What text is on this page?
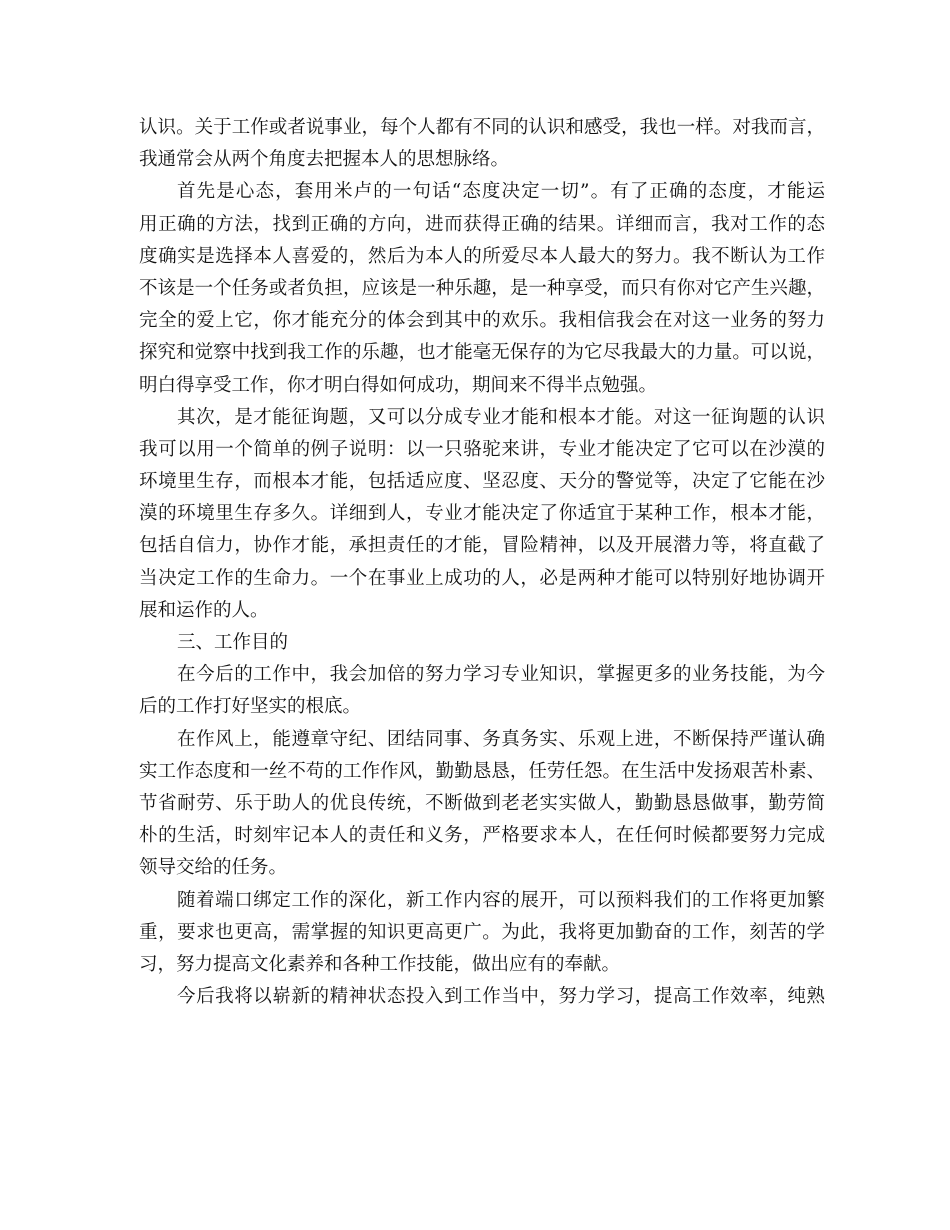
认识。关于工作或者说事业，每个人都有不同的认识和感受，我也一样。对我而言，
我通常会从两个角度去把握本人的思想脉络。
首先是心态，套用米卢的一句话“态度决定一切”。有了正确的态度，才能运
用正确的方法，找到正确的方向，进而获得正确的结果。详细而言，我对工作的态
度确实是选择本人喜爱的，然后为本人的所爱尽本人最大的努力。我不断认为工作
不该是一个任务或者负担，应该是一种乐趣，是一种享受，而只有你对它产生兴趣，
完全的爱上它，你才能充分的体会到其中的欢乐。我相信我会在对这一业务的努力
探究和觉察中找到我工作的乐趣，也才能毫无保存的为它尽我最大的力量。可以说，
明白得享受工作，你才明白得如何成功，期间来不得半点勉强。
其次，是才能征询题，又可以分成专业才能和根本才能。对这一征询题的认识
我可以用一个简单的例子说明：以一只骆驼来讲，专业才能决定了它可以在沙漠的
环境里生存，而根本才能，包括适应度、坚忍度、天分的警觉等，决定了它能在沙
漠的环境里生存多久。详细到人，专业才能决定了你适宜于某种工作，根本才能，
包括自信力，协作才能，承担责任的才能，冒险精神，以及开展潜力等，将直截了
当决定工作的生命力。一个在事业上成功的人，必是两种才能可以特别好地协调开
展和运作的人。
三、工作目的
在今后的工作中，我会加倍的努力学习专业知识，掌握更多的业务技能，为今
后的工作打好坚实的根底。
在作风上，能遵章守纪、团结同事、务真务实、乐观上进，不断保持严谨认确
实工作态度和一丝不苟的工作作风，勤勤恳恳，任劳任怨。在生活中发扬艰苦朴素、
节省耐劳、乐于助人的优良传统，不断做到老老实实做人，勤勤恳恳做事，勤劳简
朴的生活，时刻牢记本人的责任和义务，严格要求本人，在任何时候都要努力完成
领导交给的任务。
随着端口绑定工作的深化，新工作内容的展开，可以预料我们的工作将更加繁
重，要求也更高，需掌握的知识更高更广。为此，我将更加勤奋的工作，刻苦的学
习，努力提高文化素养和各种工作技能，做出应有的奉献。
今后我将以崭新的精神状态投入到工作当中，努力学习，提高工作效率，纯熟
